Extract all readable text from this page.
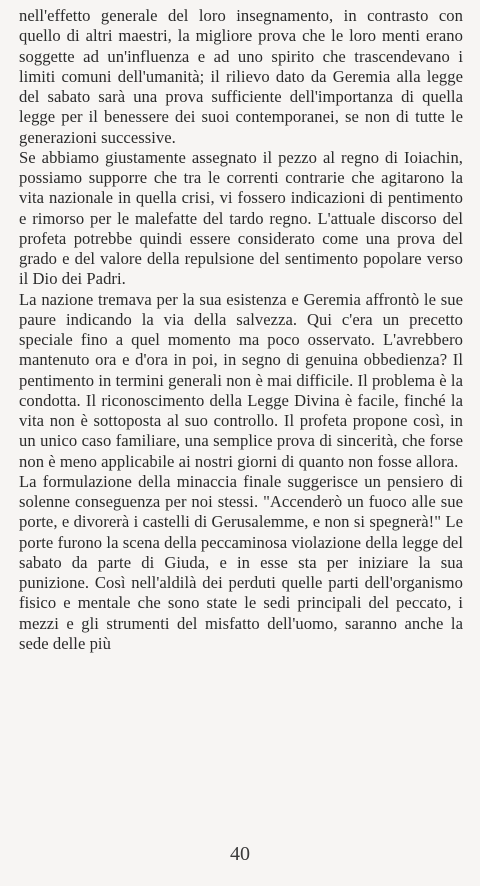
nell'effetto generale del loro insegnamento, in contrasto con quello di altri maestri, la migliore prova che le loro menti erano soggette ad un'influenza e ad uno spirito che trascendevano i limiti comuni dell'umanità; il rilievo dato da Geremia alla legge del sabato sarà una prova sufficiente dell'importanza di quella legge per il benessere dei suoi contemporanei, se non di tutte le generazioni successive.

Se abbiamo giustamente assegnato il pezzo al regno di Ioiachin, possiamo supporre che tra le correnti contrarie che agitarono la vita nazionale in quella crisi, vi fossero indicazioni di pentimento e rimorso per le malefatte del tardo regno. L'attuale discorso del profeta potrebbe quindi essere considerato come una prova del grado e del valore della repulsione del sentimento popolare verso il Dio dei Padri.

La nazione tremava per la sua esistenza e Geremia affrontò le sue paure indicando la via della salvezza. Qui c'era un precetto speciale fino a quel momento ma poco osservato. L'avrebbero mantenuto ora e d'ora in poi, in segno di genuina obbedienza? Il pentimento in termini generali non è mai difficile. Il problema è la condotta. Il riconoscimento della Legge Divina è facile, finché la vita non è sottoposta al suo controllo. Il profeta propone così, in un unico caso familiare, una semplice prova di sincerità, che forse non è meno applicabile ai nostri giorni di quanto non fosse allora.

La formulazione della minaccia finale suggerisce un pensiero di solenne conseguenza per noi stessi. "Accenderò un fuoco alle sue porte, e divorerà i castelli di Gerusalemme, e non si spegnerà!" Le porte furono la scena della peccaminosa violazione della legge del sabato da parte di Giuda, e in esse sta per iniziare la sua punizione. Così nell'aldilà dei perduti quelle parti dell'organismo fisico e mentale che sono state le sedi principali del peccato, i mezzi e gli strumenti del misfatto dell'uomo, saranno anche la sede delle più

40
